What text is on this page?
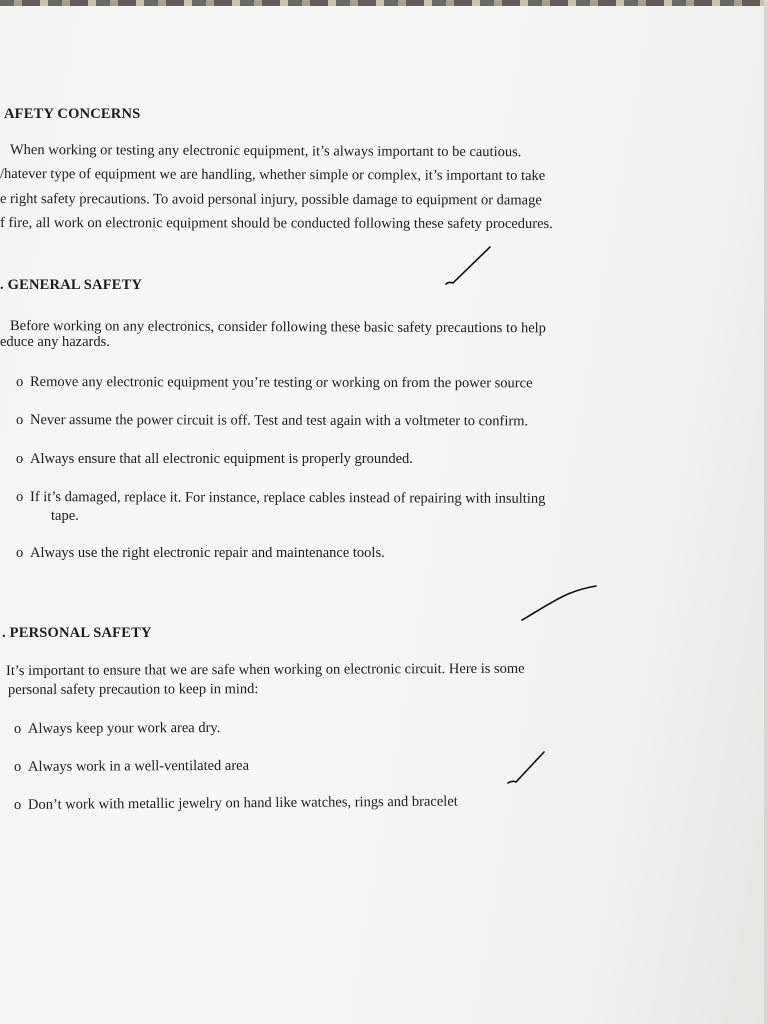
AFETY CONCERNS
When working or testing any electronic equipment, it’s always important to be cautious.
/hatever type of equipment we are handling, whether simple or complex, it’s important to take
e right safety precautions. To avoid personal injury, possible damage to equipment or damage
f fire, all work on electronic equipment should be conducted following these safety procedures.
. GENERAL SAFETY
Before working on any electronics, consider following these basic safety precautions to help
educe any hazards.
o Remove any electronic equipment you’re testing or working on from the power source
o Never assume the power circuit is off. Test and test again with a voltmeter to confirm.
o Always ensure that all electronic equipment is properly grounded.
o If it’s damaged, replace it. For instance, replace cables instead of repairing with insulting
tape.
o Always use the right electronic repair and maintenance tools.
. PERSONAL SAFETY
It’s important to ensure that we are safe when working on electronic circuit. Here is some
personal safety precaution to keep in mind:
o Always keep your work area dry.
o Always work in a well-ventilated area
o Don’t work with metallic jewelry on hand like watches, rings and bracelet
